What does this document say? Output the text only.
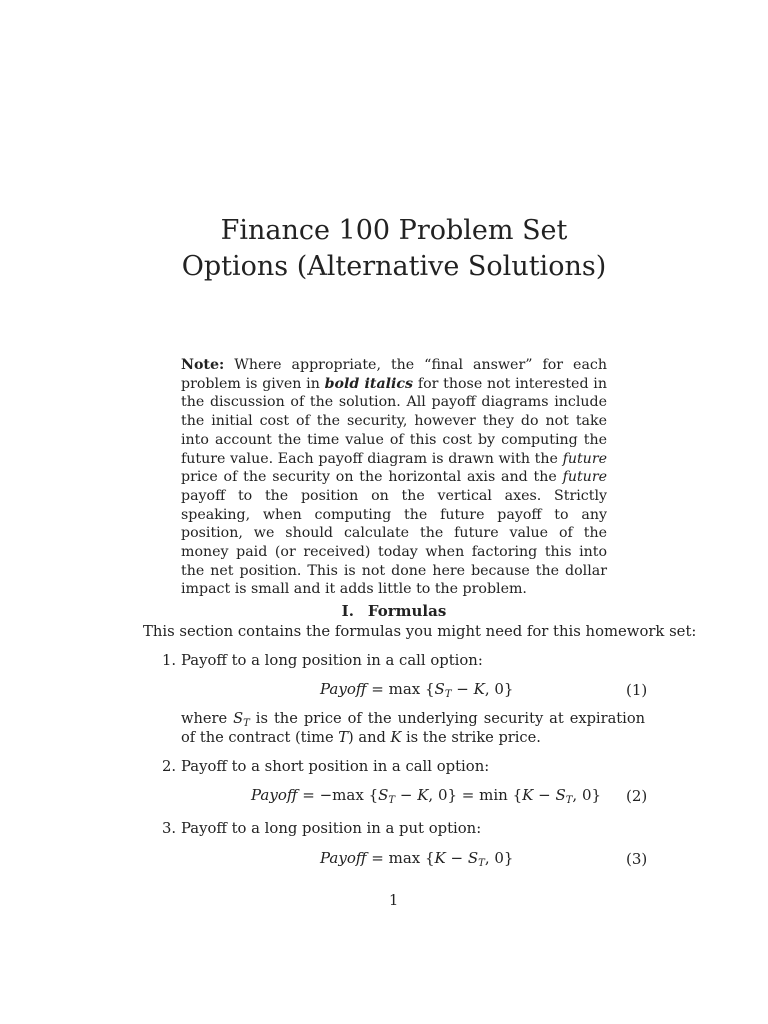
Finance 100 Problem Set
Options (Alternative Solutions)

Note: Where appropriate, the “final answer” for each problem is given in bold italics for those not interested in the discussion of the solution. All payoff diagrams include the initial cost of the security, however they do not take into account the time value of this cost by computing the future value. Each payoff diagram is drawn with the future price of the security on the horizontal axis and the future payoff to the position on the vertical axes. Strictly speaking, when computing the future payoff to any position, we should calculate the future value of the money paid (or received) today when factoring this into the net position. This is not done here because the dollar impact is small and it adds little to the problem.

I. Formulas

This section contains the formulas you might need for this homework set:

1. Payoff to a long position in a call option:

Payoff = $\max \{S_T - K$, 0}	(1)

where $S_T$ is the price of the underlying security at expiration of the contract (time T) and K is the strike price.

2. Payoff to a short position in a call option:

Payoff = −max {$S_T - K$, $0\} = \min \{K - S_T$, 0} (2)

3. Payoff to a long position in a put option:

Payoff = $\max \{K - S_T$, 0}	(3)
1
